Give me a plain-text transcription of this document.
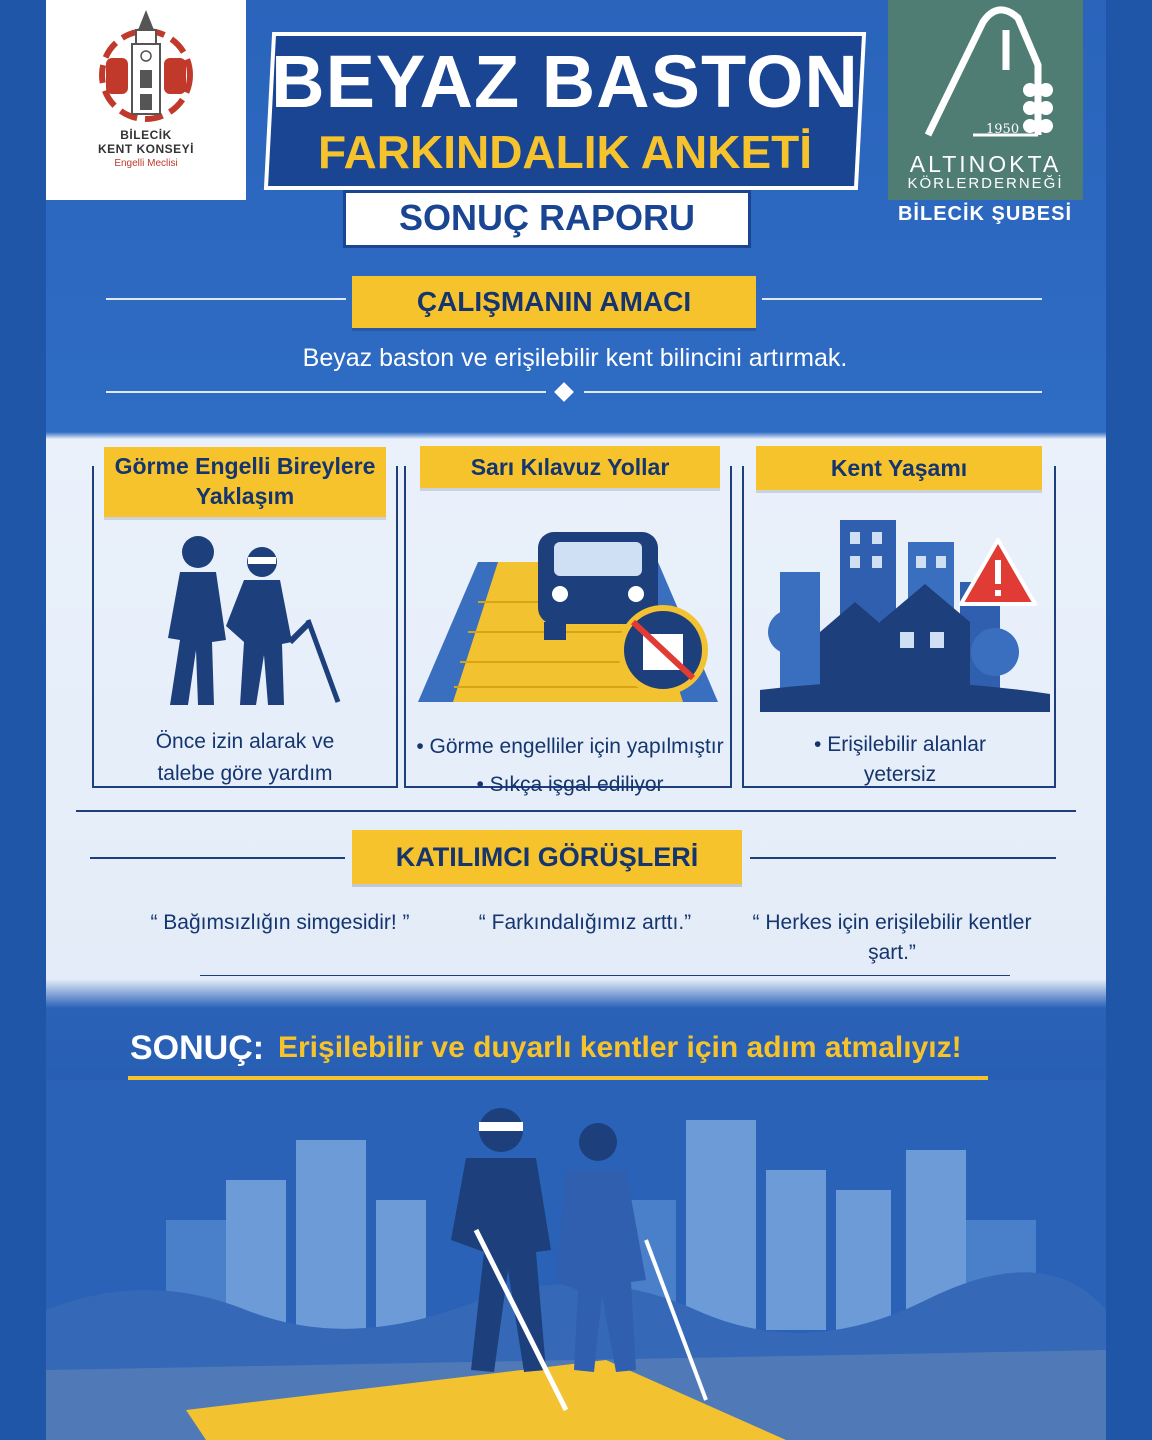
BİLECİK
KENT KONSEYİ
Engelli Meclisi
1950
ALTINOKTA
KÖRLERDERNEĞİ
BİLECİK ŞUBESİ
BEYAZ BASTON
FARKINDALIK ANKETİ
SONUÇ RAPORU
ÇALIŞMANIN AMACI
Beyaz baston ve erişilebilir kent bilincini artırmak.
Görme Engelli Bireylere Yaklaşım
Önce izin alarak ve
talebe göre yardım
Sarı Kılavuz Yollar
• Görme engelliler için yapılmıştır
• Sıkça işgal ediliyor
Kent Yaşamı
• Erişilebilir alanlar
yetersiz
KATILIMCI GÖRÜŞLERİ
“ Bağımsızlığın simgesidir! ”	“ Farkındalığımız arttı.”	“ Herkes için erişilebilir kentler şart.”
SONUÇ: Erişilebilir ve duyarlı kentler için adım atmalıyız!
